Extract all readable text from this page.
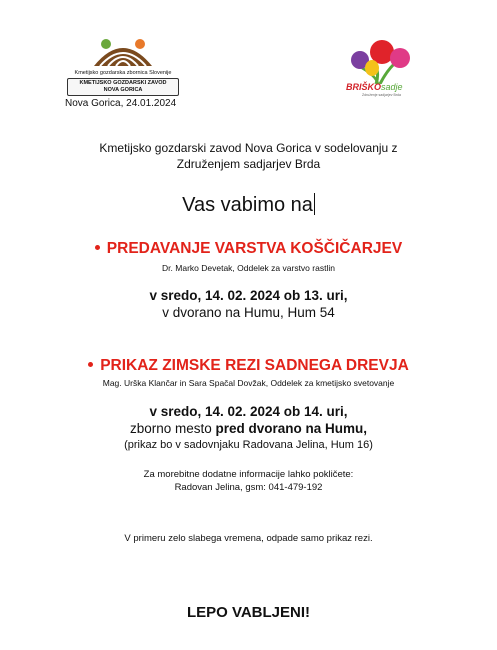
Kmetijsko gozdarska zbornica Slovenije
KMETIJSKO GOZDARSKI ZAVOD
NOVA GORICA
Nova Gorica, 24.01.2024
BRIŠKOsadje
Združenje sadjarjev Brda
Kmetijsko gozdarski zavod Nova Gorica v sodelovanju z
Združenjem sadjarjev Brda
Vas vabimo na
PREDAVANJE VARSTVA KOŠČIČARJEV
Dr. Marko Devetak, Oddelek za varstvo rastlin
v sredo, 14. 02. 2024 ob 13. uri,
v dvorano na Humu, Hum 54
PRIKAZ ZIMSKE REZI SADNEGA DREVJA
Mag. Urška Klančar in Sara Spačal Dovžak, Oddelek za kmetijsko svetovanje
v sredo, 14. 02. 2024 ob 14. uri,
zborno mesto pred dvorano na Humu,
(prikaz bo v sadovnjaku Radovana Jelina, Hum 16)
Za morebitne dodatne informacije lahko pokličete:
Radovan Jelina, gsm: 041-479-192
V primeru zelo slabega vremena, odpade samo prikaz rezi.
LEPO VABLJENI!
